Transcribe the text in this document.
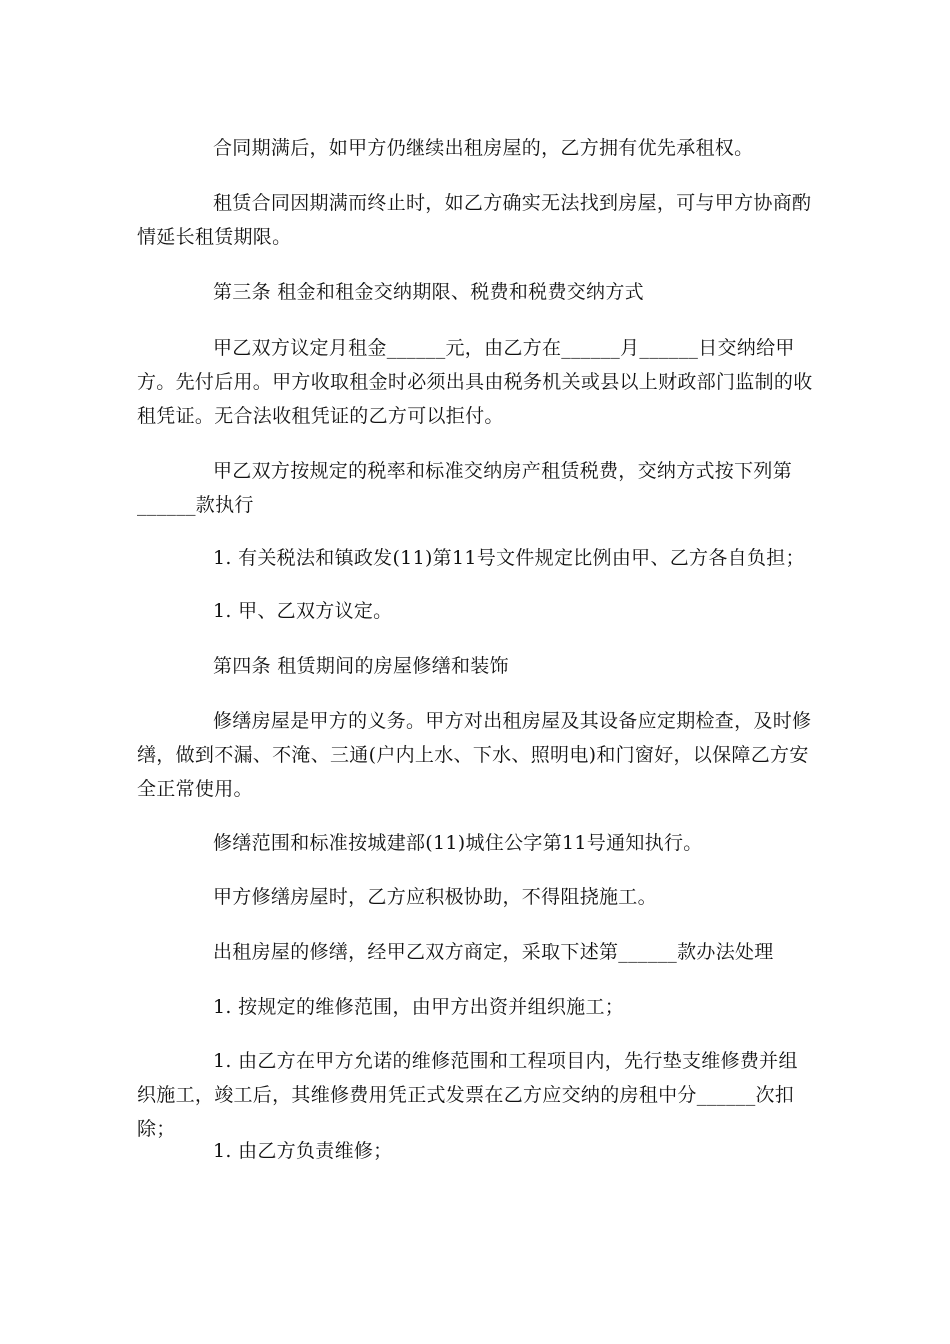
合同期满后，如甲方仍继续出租房屋的，乙方拥有优先承租权。

租赁合同因期满而终止时，如乙方确实无法找到房屋，可与甲方协商酌情延长租赁期限。

第三条 租金和租金交纳期限、税费和税费交纳方式

甲乙双方议定月租金______元，由乙方在______月______日交纳给甲方。先付后用。甲方收取租金时必须出具由税务机关或县以上财政部门监制的收租凭证。无合法收租凭证的乙方可以拒付。

甲乙双方按规定的税率和标准交纳房产租赁税费，交纳方式按下列第______款执行

1. 有关税法和镇政发(11)第11号文件规定比例由甲、乙方各自负担；

1. 甲、乙双方议定。

第四条 租赁期间的房屋修缮和装饰

修缮房屋是甲方的义务。甲方对出租房屋及其设备应定期检查，及时修缮，做到不漏、不淹、三通(户内上水、下水、照明电)和门窗好，以保障乙方安全正常使用。

修缮范围和标准按城建部(11)城住公字第11号通知执行。

甲方修缮房屋时，乙方应积极协助，不得阻挠施工。

出租房屋的修缮，经甲乙双方商定，采取下述第______款办法处理

1. 按规定的维修范围，由甲方出资并组织施工；

1. 由乙方在甲方允诺的维修范围和工程项目内，先行垫支维修费并组织施工，竣工后，其维修费用凭正式发票在乙方应交纳的房租中分______次扣除；

1. 由乙方负责维修；
